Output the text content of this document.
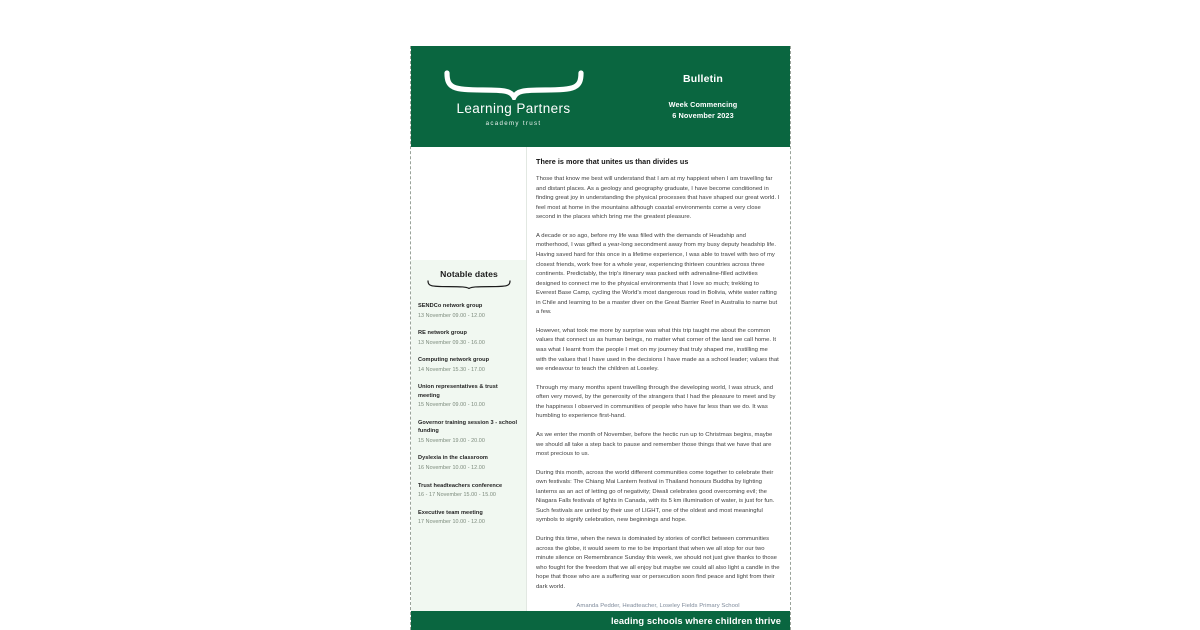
Learning Partners
academy trust
Bulletin
Week Commencing
6 November 2023
Notable dates
SENDCo network group
13 November 09.00 - 12.00
RE network group
13 November 09.30 - 16.00
Computing network group
14 November 15.30 - 17.00
Union representatives & trust meeting
15 November 09.00 - 10.00
Governor training session 3 - school funding
15 November 19.00 - 20.00
Dyslexia in the classroom
16 November 10.00 - 12.00
Trust headteachers conference
16 - 17 November 15.00 - 15.00
Executive team meeting
17 November 10.00 - 12.00
There is more that unites us than divides us

Those that know me best will understand that I am at my happiest when I am travelling far and distant places. As a geology and geography graduate, I have become conditioned in finding great joy in understanding the physical processes that have shaped our great world. I feel most at home in the mountains although coastal environments come a very close second in the places which bring me the greatest pleasure.

A decade or so ago, before my life was filled with the demands of Headship and motherhood, I was gifted a year-long secondment away from my busy deputy headship life. Having saved hard for this once in a lifetime experience, I was able to travel with two of my closest friends, work free for a whole year, experiencing thirteen countries across three continents. Predictably, the trip's itinerary was packed with adrenaline-filled activities designed to connect me to the physical environments that I love so much; trekking to Everest Base Camp, cycling the World's most dangerous road in Bolivia, white water rafting in Chile and learning to be a master diver on the Great Barrier Reef in Australia to name but a few.

However, what took me more by surprise was what this trip taught me about the common values that connect us as human beings, no matter what corner of the land we call home. It was what I learnt from the people I met on my journey that truly shaped me, instilling me with the values that I have used in the decisions I have made as a school leader; values that we endeavour to teach the children at Loseley.

Through my many months spent travelling through the developing world, I was struck, and often very moved, by the generosity of the strangers that I had the pleasure to meet and by the happiness I observed in communities of people who have far less than we do. It was humbling to experience first-hand.

As we enter the month of November, before the hectic run up to Christmas begins, maybe we should all take a step back to pause and remember those things that we have that are most precious to us.

During this month, across the world different communities come together to celebrate their own festivals: The Chiang Mai Lantern festival in Thailand honours Buddha by lighting lanterns as an act of letting go of negativity; Diwali celebrates good overcoming evil; the Niagara Falls festivals of lights in Canada, with its 5 km illumination of water, is just for fun. Such festivals are united by their use of LIGHT, one of the oldest and most meaningful symbols to signify celebration, new beginnings and hope.

During this time, when the news is dominated by stories of conflict between communities across the globe, it would seem to me to be important that when we all stop for our two minute silence on Remembrance Sunday this week, we should not just give thanks to those who fought for the freedom that we all enjoy but maybe we could all also light a candle in the hope that those who are a suffering war or persecution soon find peace and light from their dark world.

Amanda Pedder, Headteacher, Loseley Fields Primary School

leading schools where children thrive
